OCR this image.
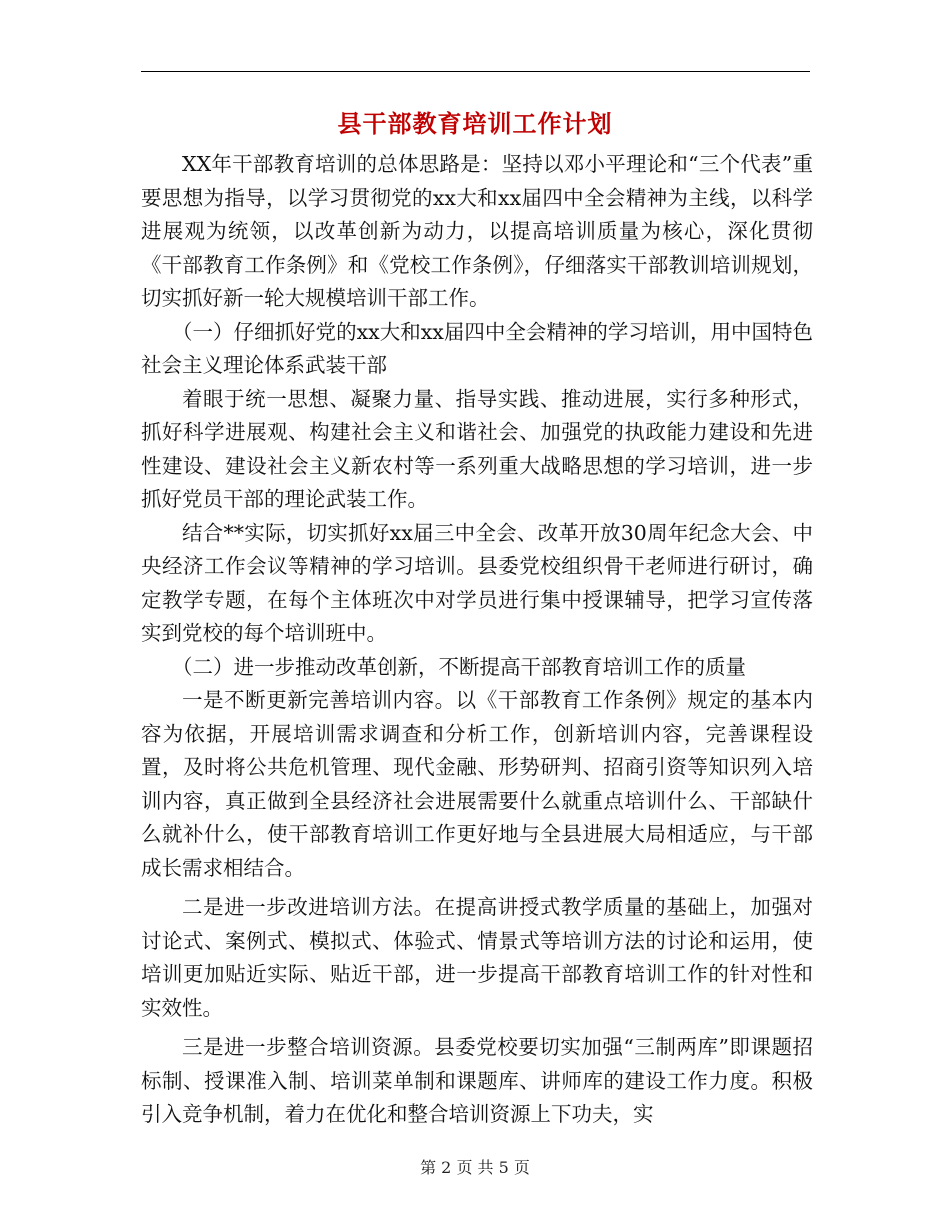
县干部教育培训工作计划

XX年干部教育培训的总体思路是：坚持以邓小平理论和“三个代表”重要思想为指导，以学习贯彻党的xx大和xx届四中全会精神为主线，以科学进展观为统领，以改革创新为动力，以提高培训质量为核心，深化贯彻《干部教育工作条例》和《党校工作条例》，仔细落实干部教训培训规划，切实抓好新一轮大规模培训干部工作。

（一）仔细抓好党的xx大和xx届四中全会精神的学习培训，用中国特色社会主义理论体系武装干部

着眼于统一思想、凝聚力量、指导实践、推动进展，实行多种形式，抓好科学进展观、构建社会主义和谐社会、加强党的执政能力建设和先进性建设、建设社会主义新农村等一系列重大战略思想的学习培训，进一步抓好党员干部的理论武装工作。

结合**实际，切实抓好xx届三中全会、改革开放30周年纪念大会、中央经济工作会议等精神的学习培训。县委党校组织骨干老师进行研讨，确定教学专题，在每个主体班次中对学员进行集中授课辅导，把学习宣传落实到党校的每个培训班中。

（二）进一步推动改革创新，不断提高干部教育培训工作的质量

一是不断更新完善培训内容。以《干部教育工作条例》规定的基本内容为依据，开展培训需求调查和分析工作，创新培训内容，完善课程设置，及时将公共危机管理、现代金融、形势研判、招商引资等知识列入培训内容，真正做到全县经济社会进展需要什么就重点培训什么、干部缺什么就补什么，使干部教育培训工作更好地与全县进展大局相适应，与干部成长需求相结合。

二是进一步改进培训方法。在提高讲授式教学质量的基础上，加强对讨论式、案例式、模拟式、体验式、情景式等培训方法的讨论和运用，使培训更加贴近实际、贴近干部，进一步提高干部教育培训工作的针对性和实效性。

三是进一步整合培训资源。县委党校要切实加强“三制两库”即课题招标制、授课准入制、培训菜单制和课题库、讲师库的建设工作力度。积极引入竞争机制，着力在优化和整合培训资源上下功夫，实

第 2 页 共 5 页
